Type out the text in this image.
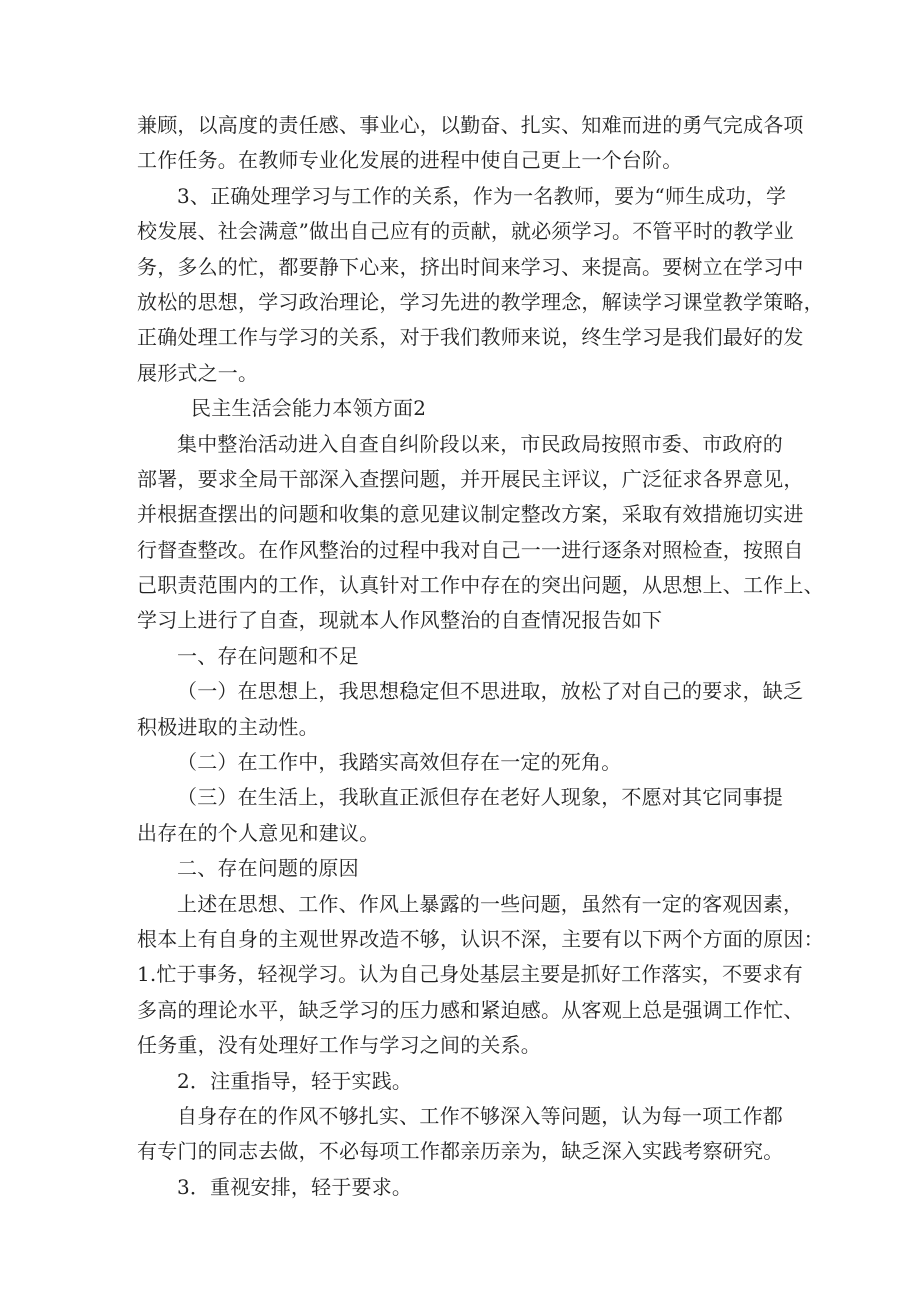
兼顾，以高度的责任感、事业心，以勤奋、扎实、知难而进的勇气完成各项
工作任务。在教师专业化发展的进程中使自己更上一个台阶。
3、正确处理学习与工作的关系，作为一名教师，要为“师生成功，学
校发展、社会满意”做出自己应有的贡献，就必须学习。不管平时的教学业
务，多么的忙，都要静下心来，挤出时间来学习、来提高。要树立在学习中
放松的思想，学习政治理论，学习先进的教学理念，解读学习课堂教学策略，
正确处理工作与学习的关系，对于我们教师来说，终生学习是我们最好的发
展形式之一。
民主生活会能力本领方面2
集中整治活动进入自查自纠阶段以来，市民政局按照市委、市政府的
部署，要求全局干部深入查摆问题，并开展民主评议，广泛征求各界意见，
并根据查摆出的问题和收集的意见建议制定整改方案，采取有效措施切实进
行督查整改。在作风整治的过程中我对自己一一进行逐条对照检查，按照自
己职责范围内的工作，认真针对工作中存在的突出问题，从思想上、工作上、
学习上进行了自查，现就本人作风整治的自查情况报告如下
一、存在问题和不足
（一）在思想上，我思想稳定但不思进取，放松了对自己的要求，缺乏
积极进取的主动性。
（二）在工作中，我踏实高效但存在一定的死角。
（三）在生活上，我耿直正派但存在老好人现象，不愿对其它同事提
出存在的个人意见和建议。
二、存在问题的原因
上述在思想、工作、作风上暴露的一些问题，虽然有一定的客观因素，
根本上有自身的主观世界改造不够，认识不深，主要有以下两个方面的原因：
1.忙于事务，轻视学习。认为自己身处基层主要是抓好工作落实，不要求有
多高的理论水平，缺乏学习的压力感和紧迫感。从客观上总是强调工作忙、
任务重，没有处理好工作与学习之间的关系。
2．注重指导，轻于实践。
自身存在的作风不够扎实、工作不够深入等问题，认为每一项工作都
有专门的同志去做，不必每项工作都亲历亲为，缺乏深入实践考察研究。
3．重视安排，轻于要求。
